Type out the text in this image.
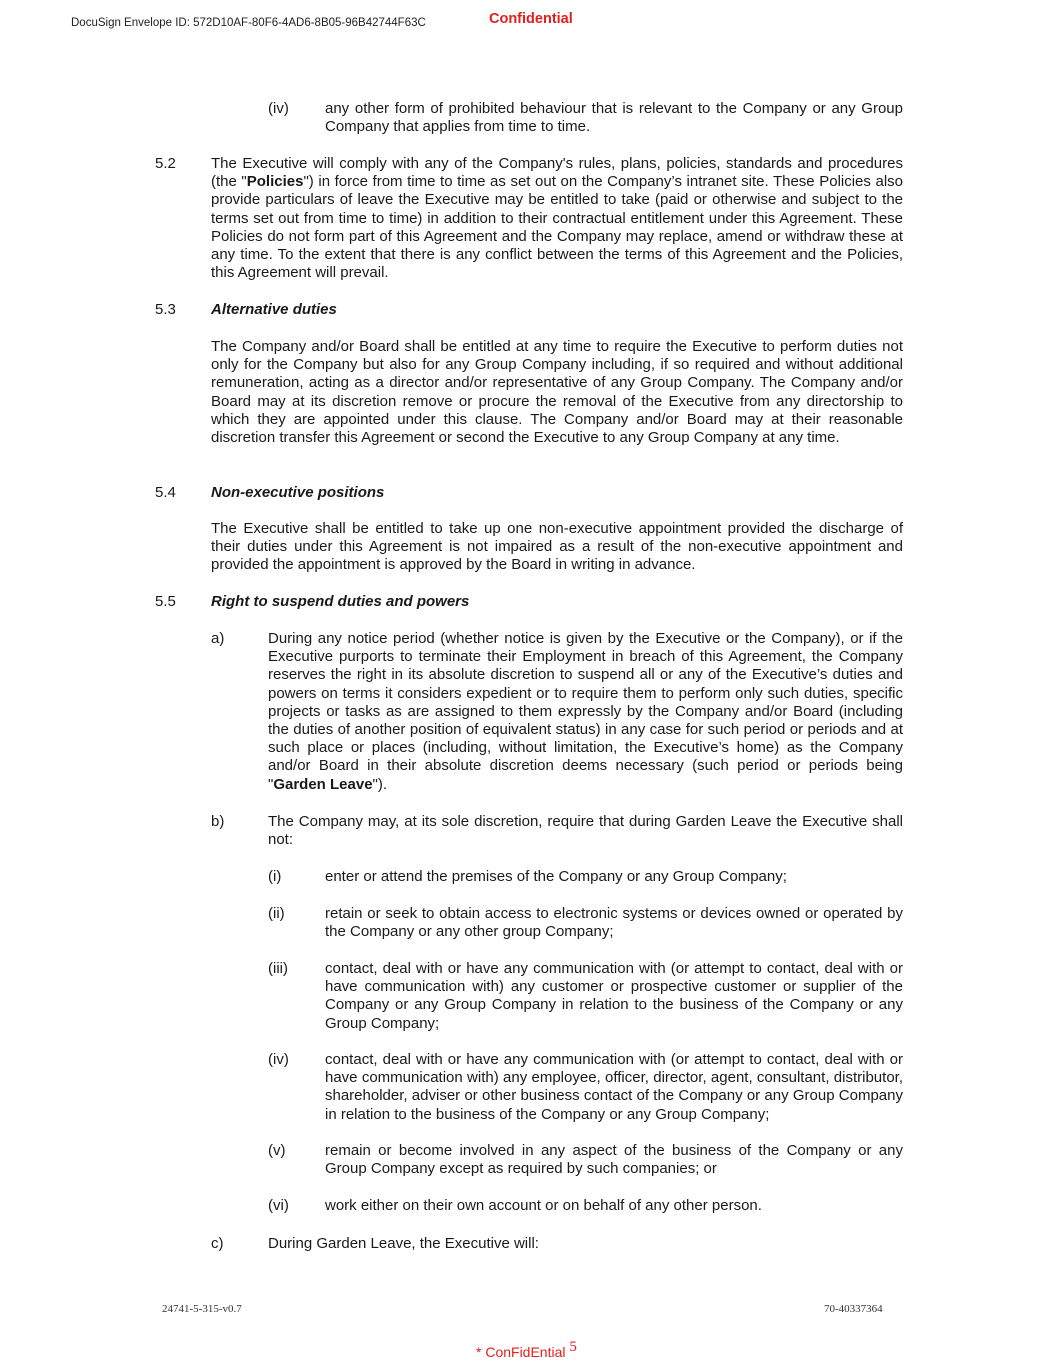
DocuSign Envelope ID: 572D10AF-80F6-4AD6-8B05-96B42744F63C	Confidential
(iv) any other form of prohibited behaviour that is relevant to the Company or any Group Company that applies from time to time.
5.2 The Executive will comply with any of the Company's rules, plans, policies, standards and procedures (the "Policies") in force from time to time as set out on the Company’s intranet site. These Policies also provide particulars of leave the Executive may be entitled to take (paid or otherwise and subject to the terms set out from time to time) in addition to their contractual entitlement under this Agreement. These Policies do not form part of this Agreement and the Company may replace, amend or withdraw these at any time. To the extent that there is any conflict between the terms of this Agreement and the Policies, this Agreement will prevail.
5.3 Alternative duties
The Company and/or Board shall be entitled at any time to require the Executive to perform duties not only for the Company but also for any Group Company including, if so required and without additional remuneration, acting as a director and/or representative of any Group Company. The Company and/or Board may at its discretion remove or procure the removal of the Executive from any directorship to which they are appointed under this clause. The Company and/or Board may at their reasonable discretion transfer this Agreement or second the Executive to any Group Company at any time.
5.4 Non-executive positions
The Executive shall be entitled to take up one non-executive appointment provided the discharge of their duties under this Agreement is not impaired as a result of the non-executive appointment and provided the appointment is approved by the Board in writing in advance.
5.5 Right to suspend duties and powers
a)	During any notice period (whether notice is given by the Executive or the Company), or if the Executive purports to terminate their Employment in breach of this Agreement, the Company reserves the right in its absolute discretion to suspend all or any of the Executive’s duties and powers on terms it considers expedient or to require them to perform only such duties, specific projects or tasks as are assigned to them expressly by the Company and/or Board (including the duties of another position of equivalent status) in any case for such period or periods and at such place or places (including, without limitation, the Executive’s home) as the Company and/or Board in their absolute discretion deems necessary (such period or periods being "Garden Leave").
b)	The Company may, at its sole discretion, require that during Garden Leave the Executive shall not:
(i)	enter or attend the premises of the Company or any Group Company;
(ii)	retain or seek to obtain access to electronic systems or devices owned or operated by the Company or any other group Company;
(iii) contact, deal with or have any communication with (or attempt to contact, deal with or have communication with) any customer or prospective customer or supplier of the Company or any Group Company in relation to the business of the Company or any Group Company;
(iv) contact, deal with or have any communication with (or attempt to contact, deal with or have communication with) any employee, officer, director, agent, consultant, distributor, shareholder, adviser or other business contact of the Company or any Group Company in relation to the business of the Company or any Group Company;
(v)	remain or become involved in any aspect of the business of the Company or any Group Company except as required by such companies; or
(vi) work either on their own account or on behalf of any other person.
c)	During Garden Leave, the Executive will:
24741-5-315-v0.7	70-40337364
* ConFidEntial 5
